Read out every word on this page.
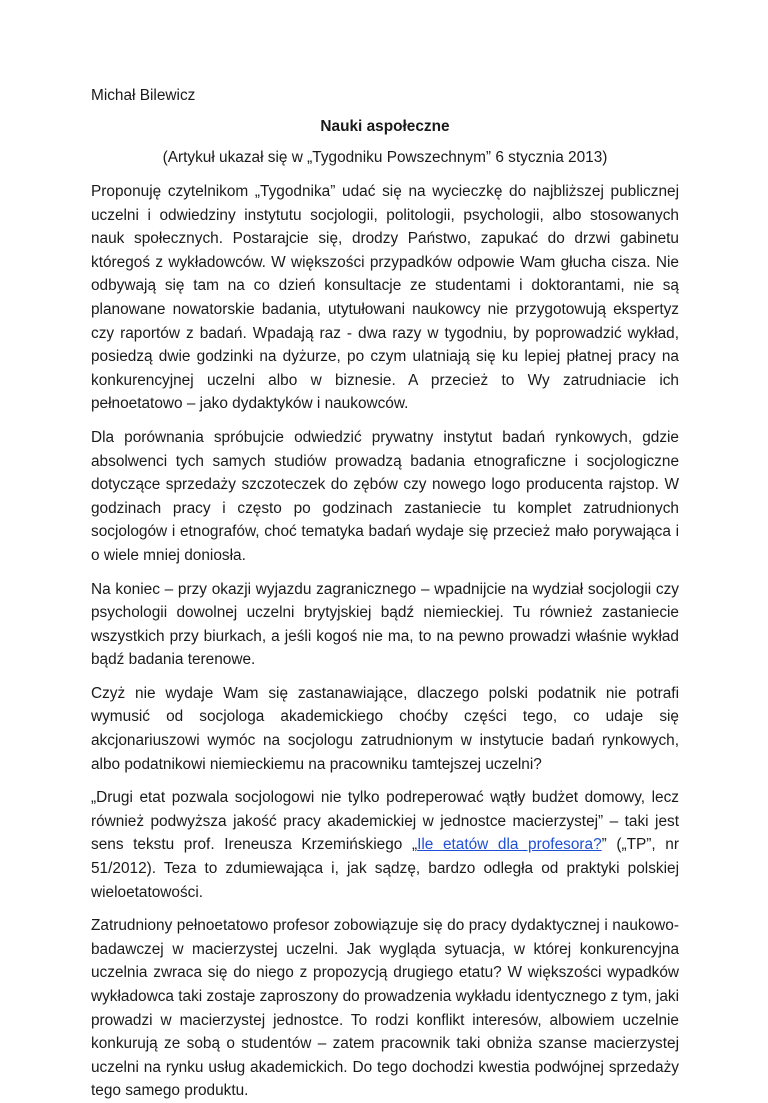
Michał Bilewicz

Nauki aspołeczne

(Artykuł ukazał się w „Tygodniku Powszechnym” 6 stycznia 2013)

Proponuję czytelnikom „Tygodnika” udać się na wycieczkę do najbliższej publicznej uczelni i odwiedziny instytutu socjologii, politologii, psychologii, albo stosowanych nauk społecznych. Postarajcie się, drodzy Państwo, zapukać do drzwi gabinetu któregoś z wykładowców. W większości przypadków odpowie Wam głucha cisza. Nie odbywają się tam na co dzień konsultacje ze studentami i doktorantami, nie są planowane nowatorskie badania, utytułowani naukowcy nie przygotowują ekspertyz czy raportów z badań. Wpadają raz - dwa razy w tygodniu, by poprowadzić wykład, posiedzą dwie godzinki na dyżurze, po czym ulatniają się ku lepiej płatnej pracy na konkurencyjnej uczelni albo w biznesie. A przecież to Wy zatrudniacie ich pełnoetatowo – jako dydaktyków i naukowców.

Dla porównania spróbujcie odwiedzić prywatny instytut badań rynkowych, gdzie absolwenci tych samych studiów prowadzą badania etnograficzne i socjologiczne dotyczące sprzedaży szczoteczek do zębów czy nowego logo producenta rajstop. W godzinach pracy i często po godzinach zastaniecie tu komplet zatrudnionych socjologów i etnografów, choć tematyka badań wydaje się przecież mało porywająca i o wiele mniej doniosła.

Na koniec – przy okazji wyjazdu zagranicznego – wpadnijcie na wydział socjologii czy psychologii dowolnej uczelni brytyjskiej bądź niemieckiej. Tu również zastaniecie wszystkich przy biurkach, a jeśli kogoś nie ma, to na pewno prowadzi właśnie wykład bądź badania terenowe.

Czyż nie wydaje Wam się zastanawiające, dlaczego polski podatnik nie potrafi wymusić od socjologa akademickiego choćby części tego, co udaje się akcjonariuszowi wymóc na socjologu zatrudnionym w instytucie badań rynkowych, albo podatnikowi niemieckiemu na pracowniku tamtejszej uczelni?

„Drugi etat pozwala socjologowi nie tylko podreperować wątły budżet domowy, lecz również podwyższa jakość pracy akademickiej w jednostce macierzystej” – taki jest sens tekstu prof. Ireneusza Krzemińskiego „Ile etatów dla profesora?” („TP”, nr 51/2012). Teza to zdumiewająca i, jak sądzę, bardzo odległa od praktyki polskiej wieloetatowości.

Zatrudniony pełnoetatowo profesor zobowiązuje się do pracy dydaktycznej i naukowo-badawczej w macierzystej uczelni. Jak wygląda sytuacja, w której konkurencyjna uczelnia zwraca się do niego z propozycją drugiego etatu? W większości wypadków wykładowca taki zostaje zaproszony do prowadzenia wykładu identycznego z tym, jaki prowadzi w macierzystej jednostce. To rodzi konflikt interesów, albowiem uczelnie konkurują ze sobą o studentów – zatem pracownik taki obniża szanse macierzystej uczelni na rynku usług akademickich. Do tego dochodzi kwestia podwójnej sprzedaży tego samego produktu.
